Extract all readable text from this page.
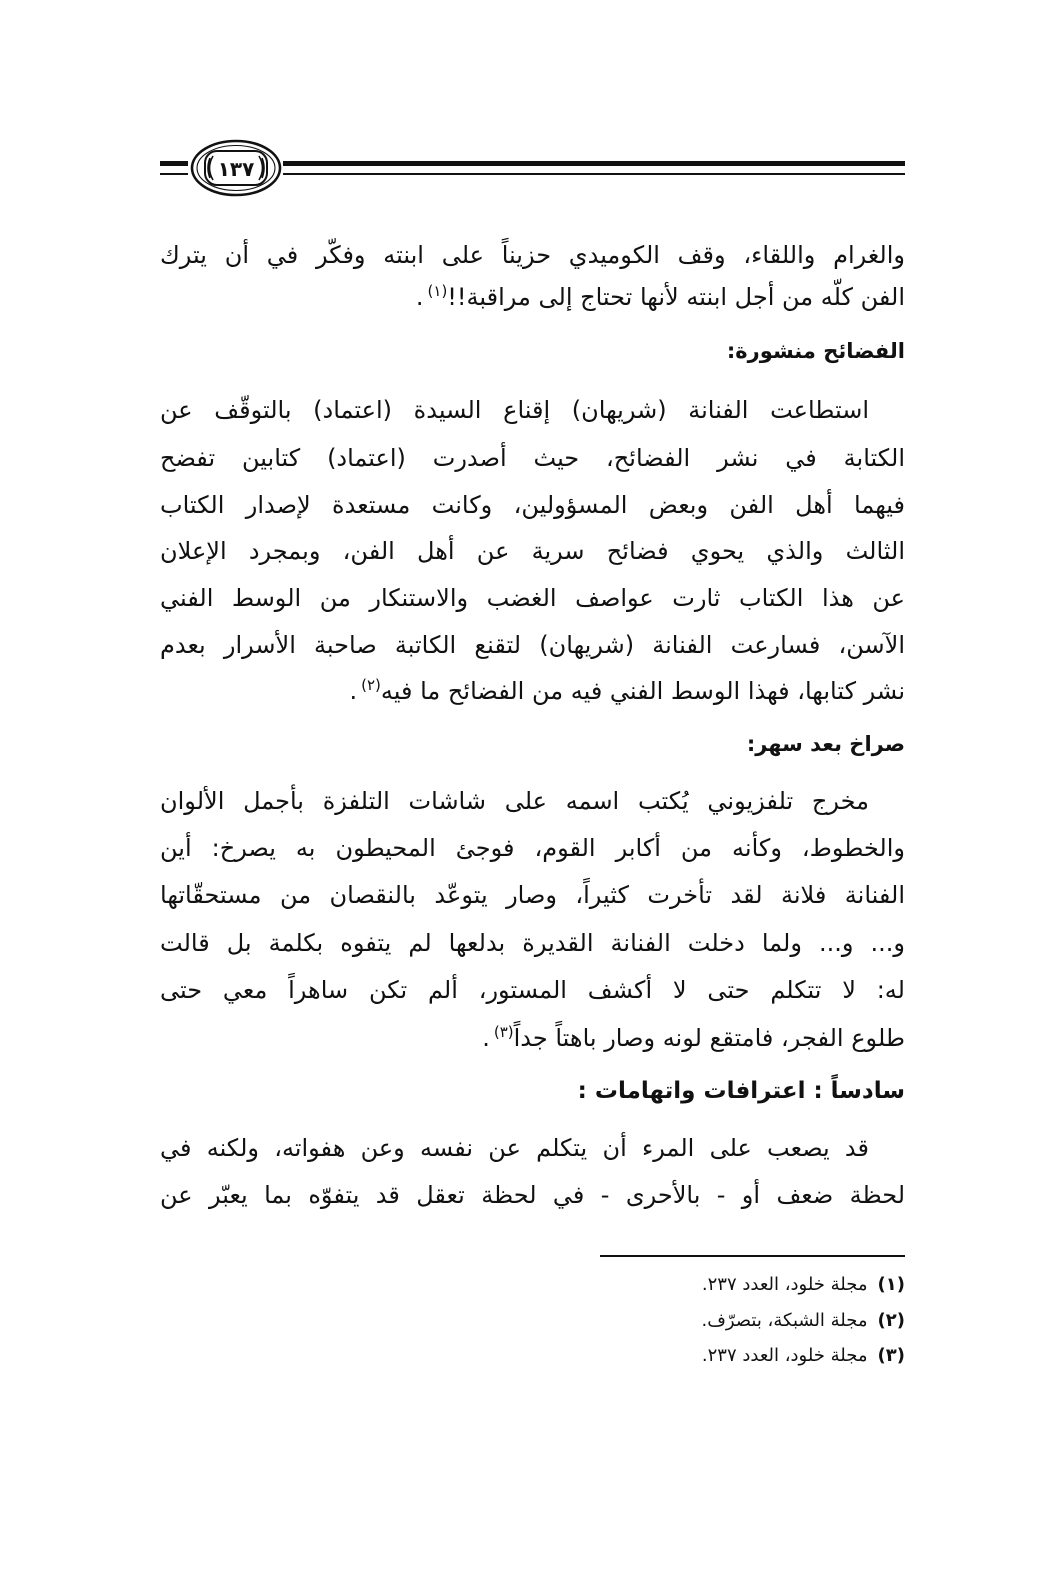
١٣٧
والغرام واللقاء، وقف الكوميدي حزيناً على ابنته وفكّر في أن يترك
الفن كلّه من أجل ابنته لأنها تحتاج إلى مراقبة!!$^{(١)}$.
الفضائح منشورة:
استطاعت الفنانة (شريهان) إقناع السيدة (اعتماد) بالتوقّف عن
الكتابة في نشر الفضائح، حيث أصدرت (اعتماد) كتابين تفضح
فيهما أهل الفن وبعض المسؤولين، وكانت مستعدة لإصدار الكتاب
الثالث والذي يحوي فضائح سرية عن أهل الفن، وبمجرد الإعلان
عن هذا الكتاب ثارت عواصف الغضب والاستنكار من الوسط الفني
الآسن، فسارعت الفنانة (شريهان) لتقنع الكاتبة صاحبة الأسرار بعدم
نشر كتابها، فهذا الوسط الفني فيه من الفضائح ما فيه$^{(٢)}$.
صراخ بعد سهر:
مخرج تلفزيوني يُكتب اسمه على شاشات التلفزة بأجمل الألوان
والخطوط، وكأنه من أكابر القوم، فوجئ المحيطون به يصرخ: أين
الفنانة فلانة لقد تأخرت كثيراً، وصار يتوعّد بالنقصان من مستحقّاتها
و... و... ولما دخلت الفنانة القديرة بدلعها لم يتفوه بكلمة بل قالت
له: لا تتكلم حتى لا أكشف المستور، ألم تكن ساهراً معي حتى
طلوع الفجر، فامتقع لونه وصار باهتاً جداً$^{(٣)}$.
سادساً : اعترافات واتهامات :
قد يصعب على المرء أن يتكلم عن نفسه وعن هفواته، ولكنه في
لحظة ضعف أو - بالأحرى - في لحظة تعقل قد يتفوّه بما يعبّر عن
(١)مجلة خلود، العدد ٢٣٧.
(٢)مجلة الشبكة، بتصرّف.
(٣)مجلة خلود، العدد ٢٣٧.
